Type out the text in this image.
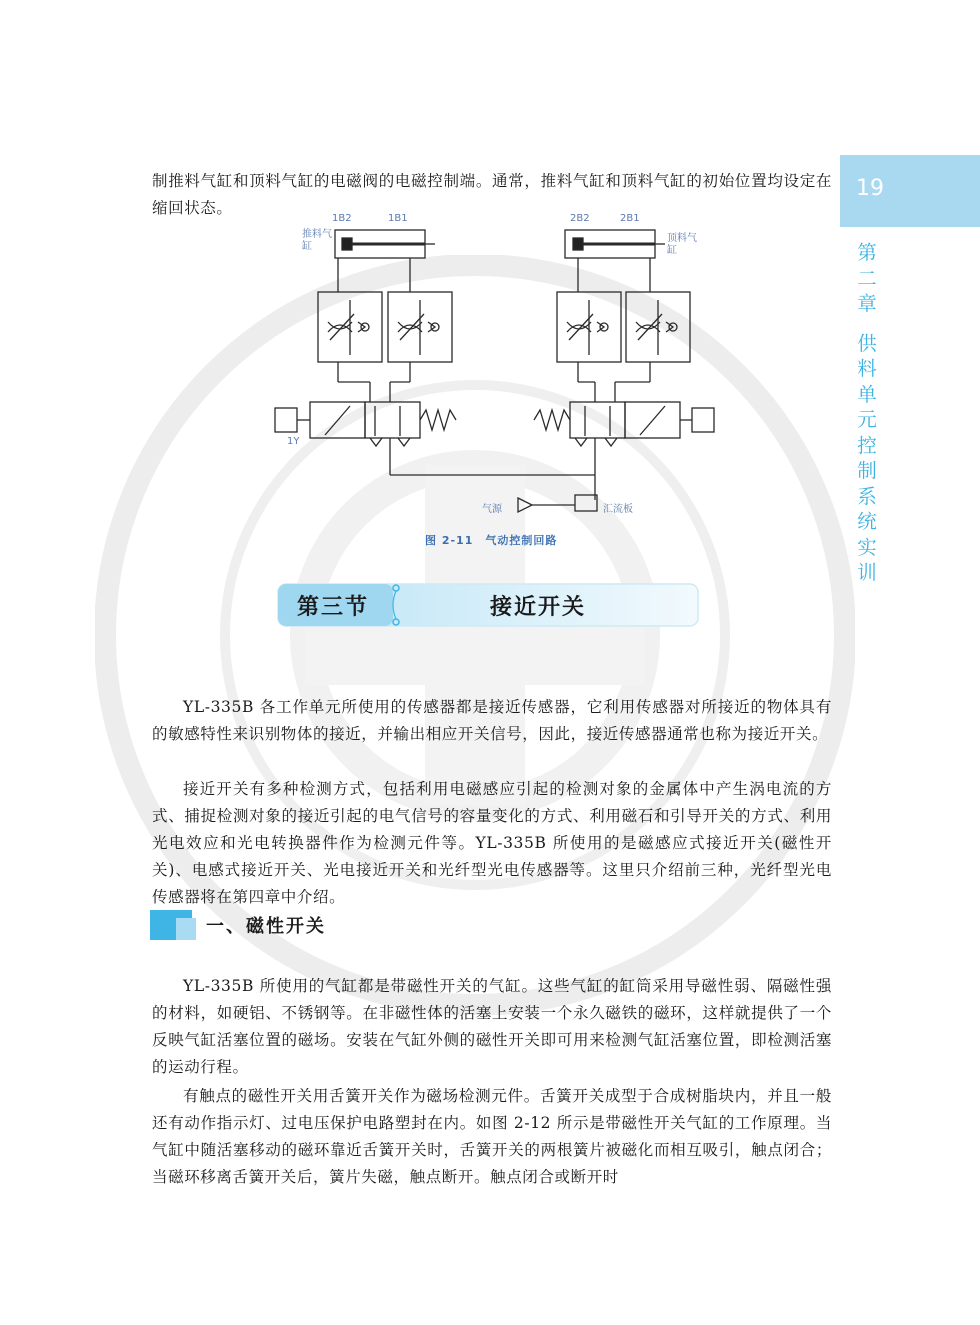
制推料气缸和顶料气缸的电磁阀的电磁控制端。通常，推料气缸和顶料气缸的初始位置均设定在缩回状态。

19
第
二
章
供
料
单
元
控
制
系
统
实
训
1B2	1B1	2B2	2B1
推料气缸
顶料气缸
1Y
气源	汇流板
图 2-11　气动控制回路
第三节	接近开关

YL-335B 各工作单元所使用的传感器都是接近传感器，它利用传感器对所接近的物体具有的敏感特性来识别物体的接近，并输出相应开关信号，因此，接近传感器通常也称为接近开关。

接近开关有多种检测方式，包括利用电磁感应引起的检测对象的金属体中产生涡电流的方式、捕捉检测对象的接近引起的电气信号的容量变化的方式、利用磁石和引导开关的方式、利用光电效应和光电转换器件作为检测元件等。YL-335B 所使用的是磁感应式接近开关(磁性开关)、电感式接近开关、光电接近开关和光纤型光电传感器等。这里只介绍前三种，光纤型光电传感器将在第四章中介绍。

一、磁性开关

YL-335B 所使用的气缸都是带磁性开关的气缸。这些气缸的缸筒采用导磁性弱、隔磁性强的材料，如硬铝、不锈钢等。在非磁性体的活塞上安装一个永久磁铁的磁环，这样就提供了一个反映气缸活塞位置的磁场。安装在气缸外侧的磁性开关即可用来检测气缸活塞位置，即检测活塞的运动行程。

有触点的磁性开关用舌簧开关作为磁场检测元件。舌簧开关成型于合成树脂块内，并且一般还有动作指示灯、过电压保护电路塑封在内。如图 2-12 所示是带磁性开关气缸的工作原理。当气缸中随活塞移动的磁环靠近舌簧开关时，舌簧开关的两根簧片被磁化而相互吸引，触点闭合；当磁环移离舌簧开关后，簧片失磁，触点断开。触点闭合或断开时
